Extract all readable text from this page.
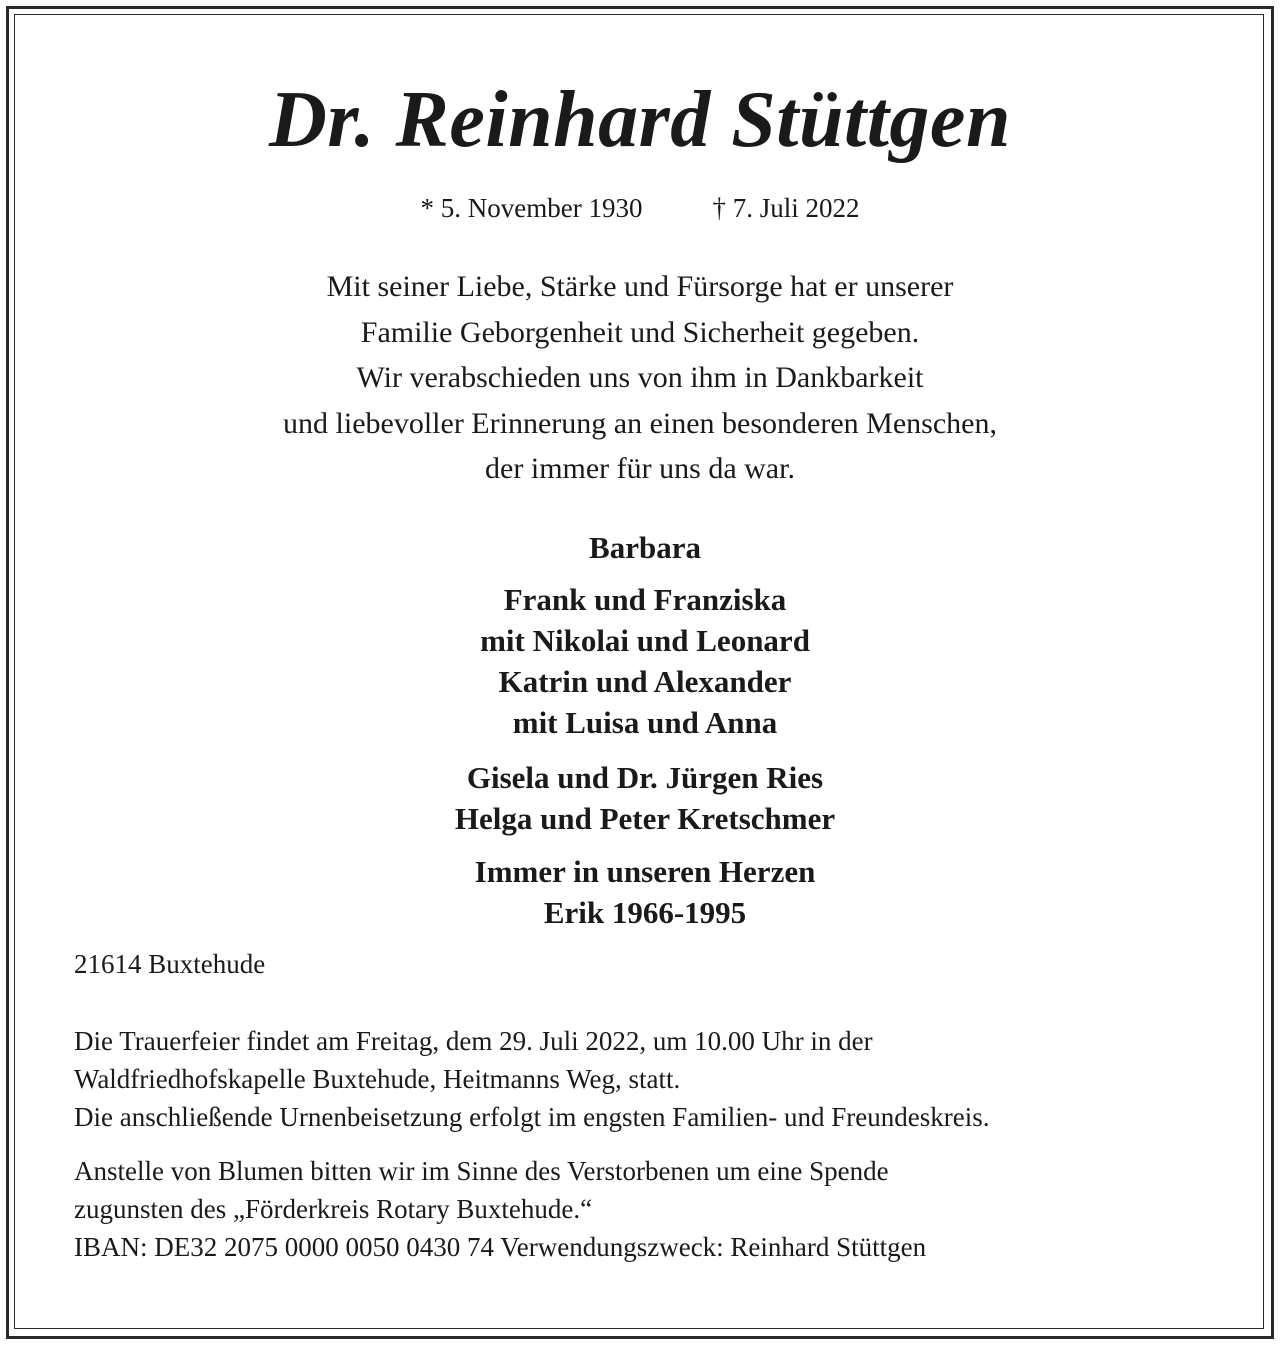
Dr. Reinhard Stüttgen
* 5. November 1930	† 7. Juli 2022
Mit seiner Liebe, Stärke und Fürsorge hat er unserer
Familie Geborgenheit und Sicherheit gegeben.
Wir verabschieden uns von ihm in Dankbarkeit
und liebevoller Erinnerung an einen besonderen Menschen,
der immer für uns da war.
Barbara
Frank und Franziska
mit Nikolai und Leonard
Katrin und Alexander
mit Luisa und Anna
Gisela und Dr. Jürgen Ries
Helga und Peter Kretschmer
Immer in unseren Herzen
Erik 1966-1995
21614 Buxtehude
Die Trauerfeier findet am Freitag, dem 29. Juli 2022, um 10.00 Uhr in der
Waldfriedhofskapelle Buxtehude, Heitmanns Weg, statt.
Die anschließende Urnenbeisetzung erfolgt im engsten Familien- und Freundeskreis.
Anstelle von Blumen bitten wir im Sinne des Verstorbenen um eine Spende
zugunsten des „Förderkreis Rotary Buxtehude.“
IBAN: DE32 2075 0000 0050 0430 74 Verwendungszweck: Reinhard Stüttgen
